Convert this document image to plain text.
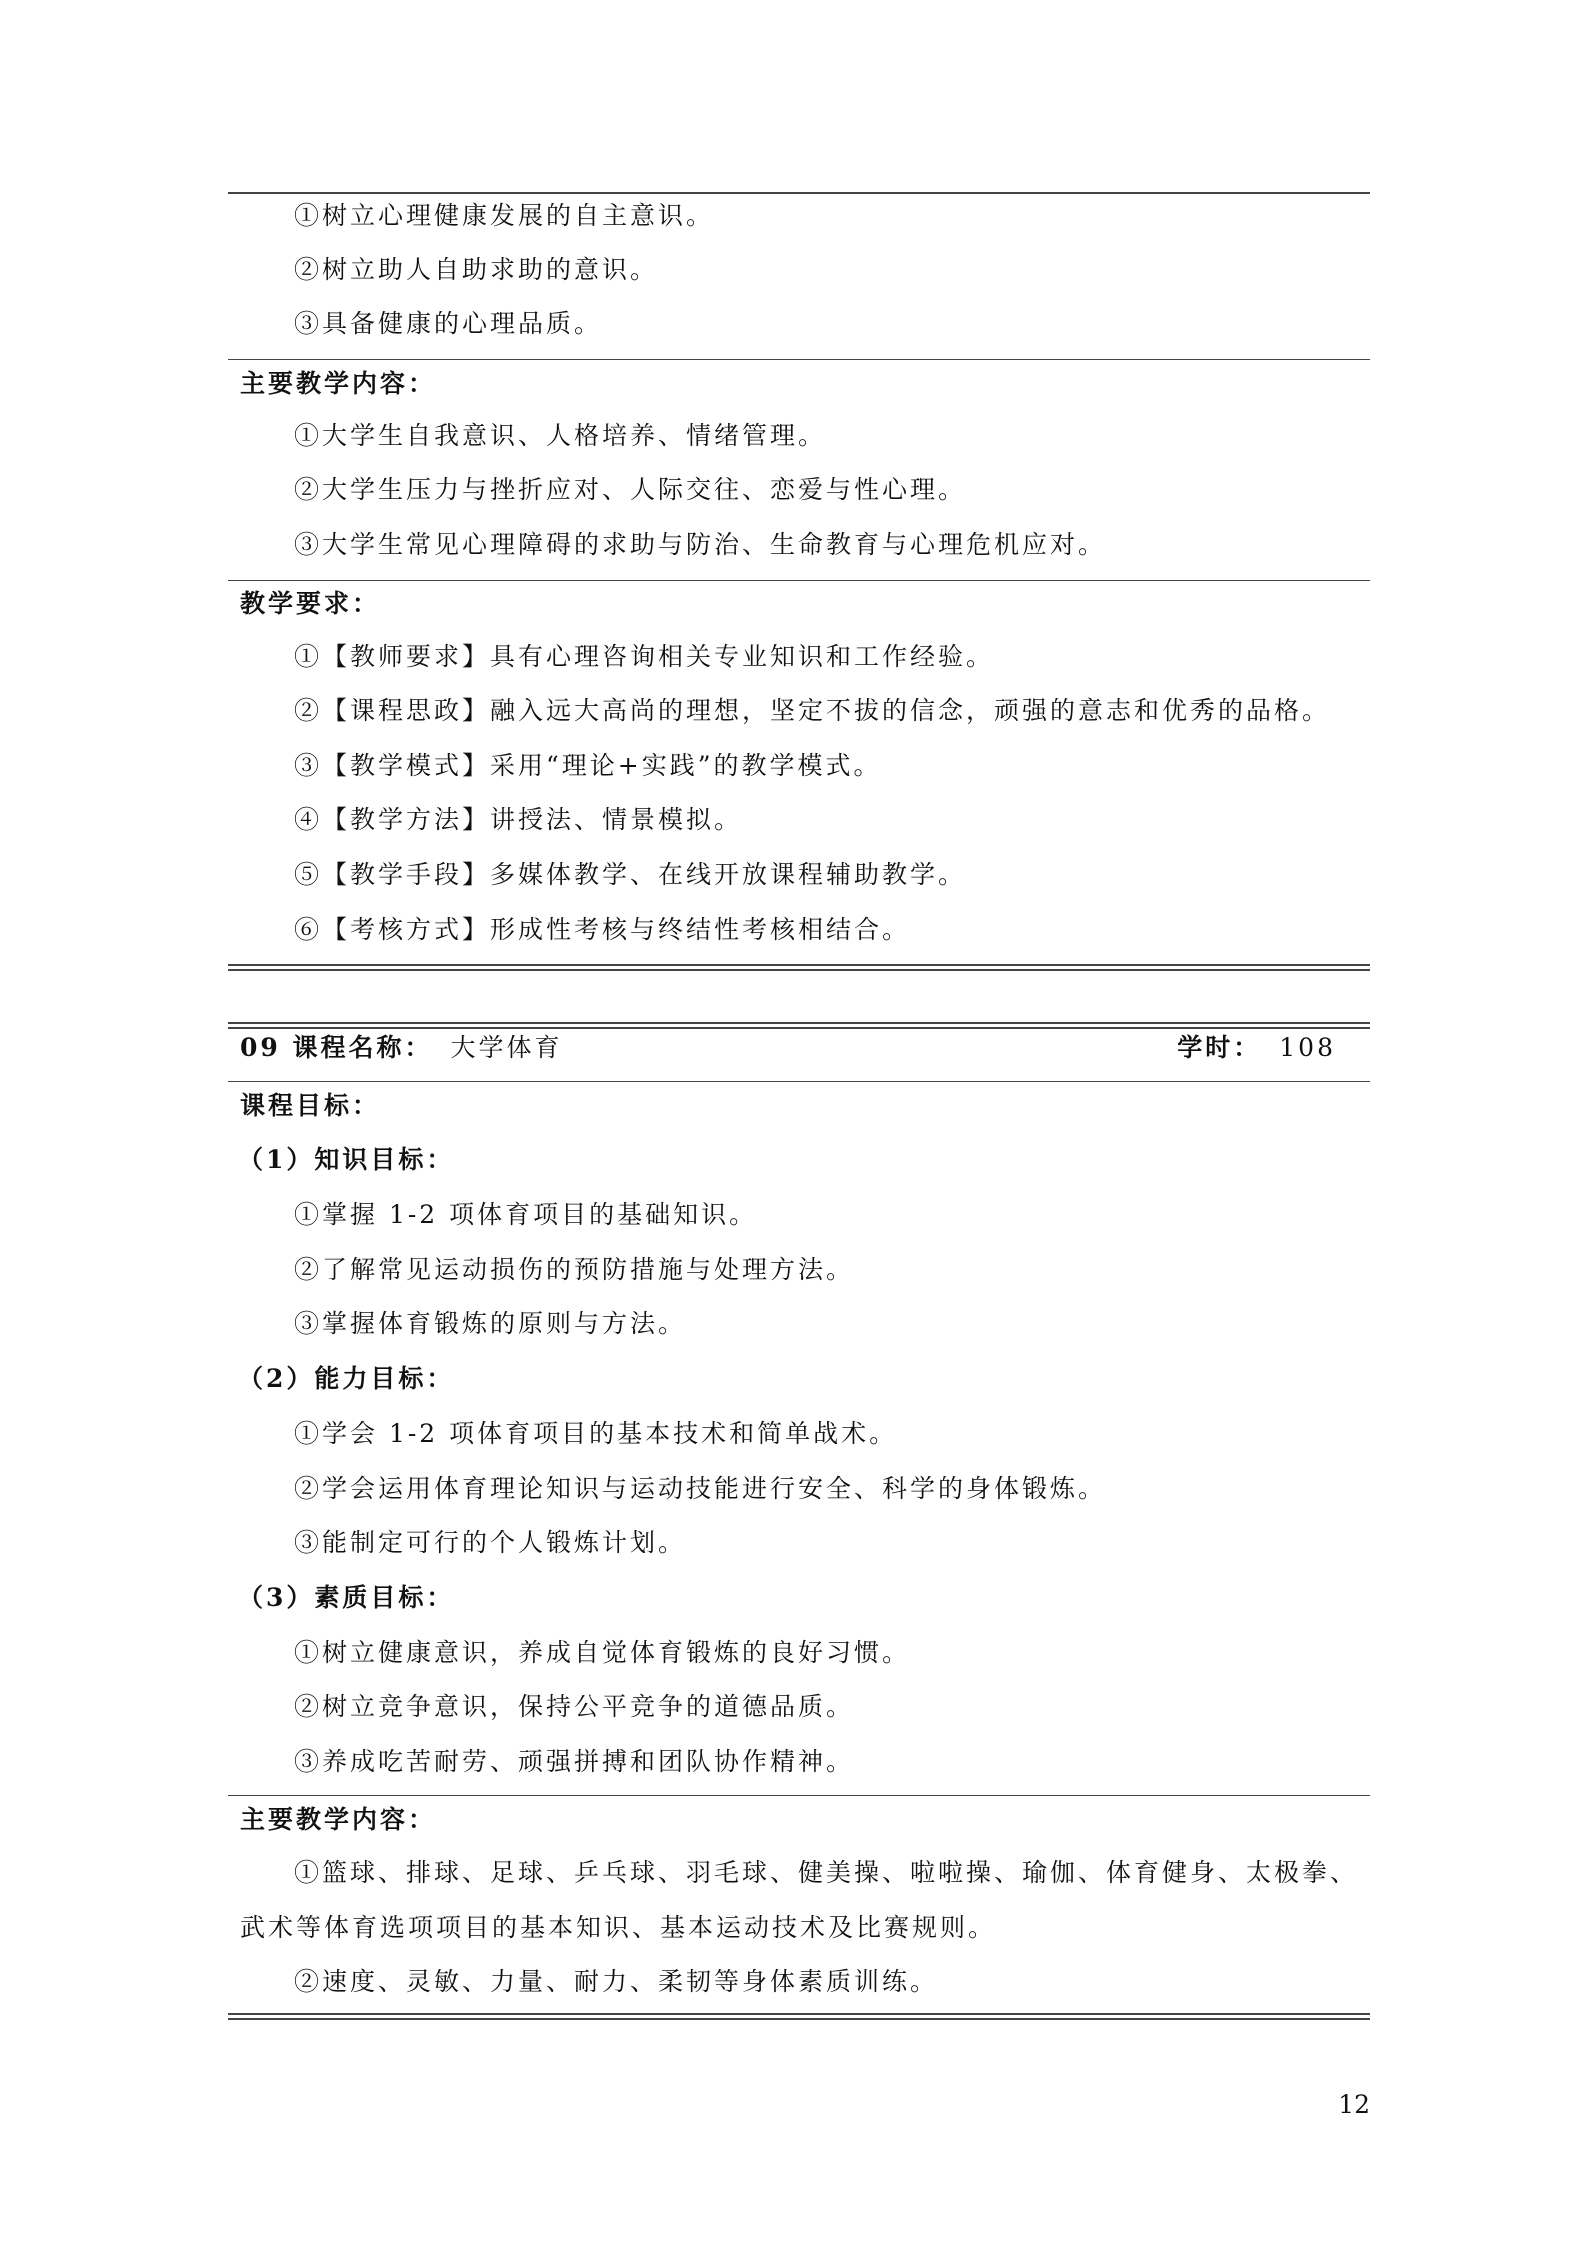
①树立心理健康发展的自主意识。
②树立助人自助求助的意识。
③具备健康的心理品质。
主要教学内容：
①大学生自我意识、人格培养、情绪管理。
②大学生压力与挫折应对、人际交往、恋爱与性心理。
③大学生常见心理障碍的求助与防治、生命教育与心理危机应对。
教学要求：
①【教师要求】具有心理咨询相关专业知识和工作经验。
②【课程思政】融入远大高尚的理想，坚定不拔的信念，顽强的意志和优秀的品格。
③【教学模式】采用“理论+实践”的教学模式。
④【教学方法】讲授法、情景模拟。
⑤【教学手段】多媒体教学、在线开放课程辅助教学。
⑥【考核方式】形成性考核与终结性考核相结合。
09 课程名称： 大学体育	学时： 108
课程目标：
（1）知识目标：
①掌握 1-2 项体育项目的基础知识。
②了解常见运动损伤的预防措施与处理方法。
③掌握体育锻炼的原则与方法。
（2）能力目标：
①学会 1-2 项体育项目的基本技术和简单战术。
②学会运用体育理论知识与运动技能进行安全、科学的身体锻炼。
③能制定可行的个人锻炼计划。
（3）素质目标：
①树立健康意识，养成自觉体育锻炼的良好习惯。
②树立竞争意识，保持公平竞争的道德品质。
③养成吃苦耐劳、顽强拼搏和团队协作精神。
主要教学内容：
①篮球、排球、足球、乒乓球、羽毛球、健美操、啦啦操、瑜伽、体育健身、太极拳、
武术等体育选项项目的基本知识、基本运动技术及比赛规则。
②速度、灵敏、力量、耐力、柔韧等身体素质训练。
12
